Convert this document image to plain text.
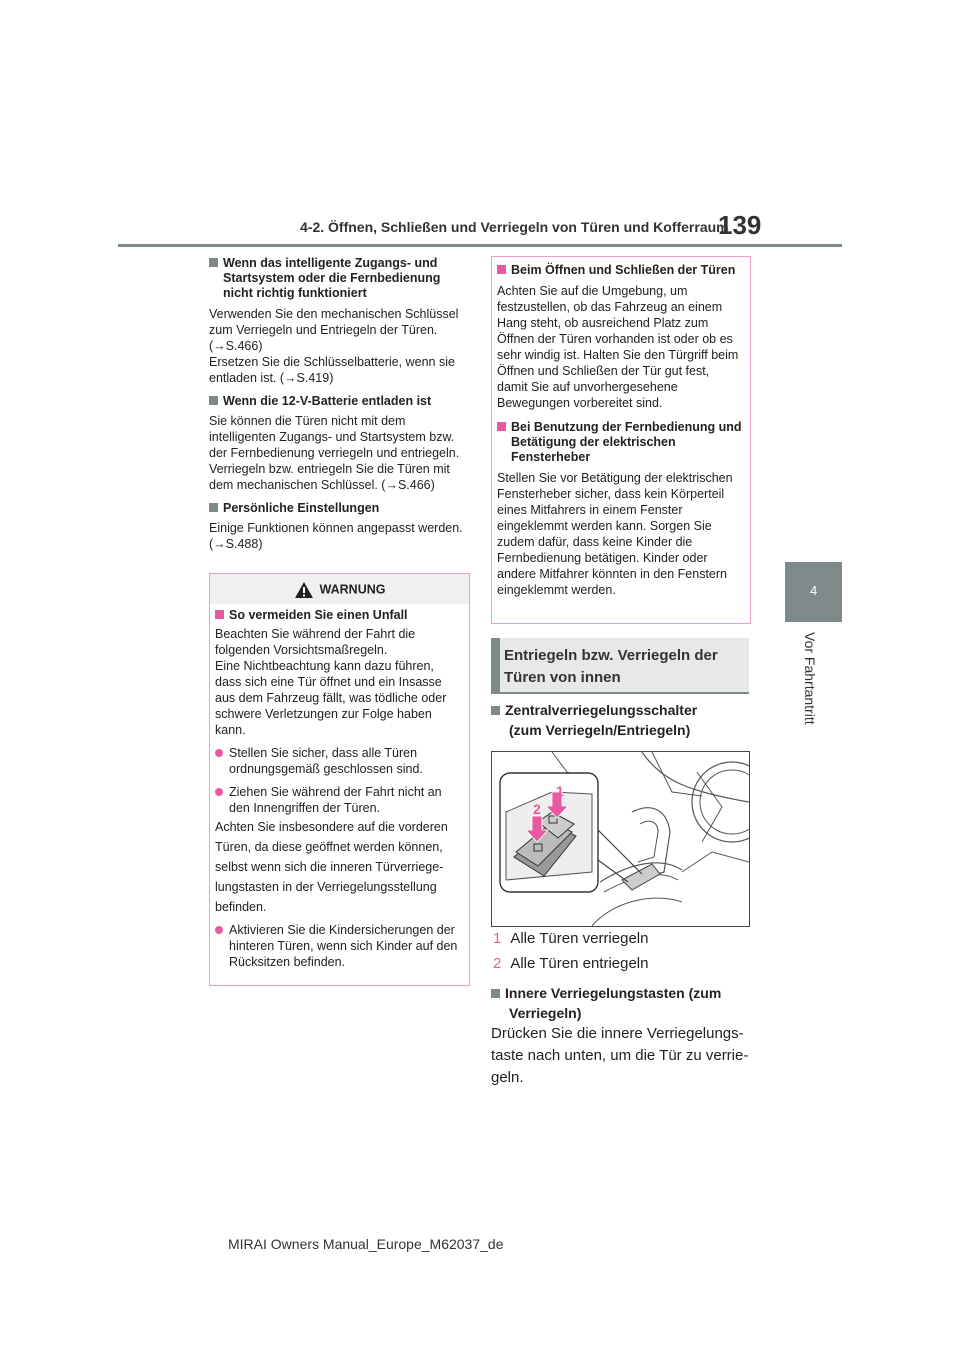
4-2. Öffnen, Schließen und Verriegeln von Türen und Kofferraum
139
4
Vor Fahrtantritt
Wenn das intelligente Zugangs- und Startsystem oder die Fernbedienung nicht richtig funktioniert
Verwenden Sie den mechanischen Schlüssel zum Verriegeln und Entriegeln der Türen. (→S.466)
Ersetzen Sie die Schlüsselbatterie, wenn sie entladen ist. (→S.419)
Wenn die 12-V-Batterie entladen ist
Sie können die Türen nicht mit dem intelligenten Zugangs- und Startsystem bzw. der Fernbedienung verriegeln und entriegeln. Verriegeln bzw. entriegeln Sie die Türen mit dem mechanischen Schlüssel. (→S.466)
Persönliche Einstellungen
Einige Funktionen können angepasst werden. (→S.488)
WARNUNG
So vermeiden Sie einen Unfall
Beachten Sie während der Fahrt die folgenden Vorsichtsmaßregeln.
Eine Nichtbeachtung kann dazu führen, dass sich eine Tür öffnet und ein Insasse aus dem Fahrzeug fällt, was tödliche oder schwere Verletzungen zur Folge haben kann.
Stellen Sie sicher, dass alle Türen ordnungsgemäß geschlossen sind.
Ziehen Sie während der Fahrt nicht an den Innengriffen der Türen.
Achten Sie insbesondere auf die vorderen
Türen, da diese geöffnet werden können,
selbst wenn sich die inneren Türverriege-
lungstasten in der Verriegelungsstellung
befinden.
Aktivieren Sie die Kindersicherungen der hinteren Türen, wenn sich Kinder auf den Rücksitzen befinden.
Beim Öffnen und Schließen der Türen
Achten Sie auf die Umgebung, um festzustellen, ob das Fahrzeug an einem Hang steht, ob ausreichend Platz zum Öffnen der Türen vorhanden ist oder ob es sehr windig ist. Halten Sie den Türgriff beim Öffnen und Schließen der Tür gut fest, damit Sie auf unvorhergesehene Bewegungen vorbereitet sind.
Bei Benutzung der Fernbedienung und Betätigung der elektrischen Fensterheber
Stellen Sie vor Betätigung der elektrischen Fensterheber sicher, dass kein Körperteil eines Mitfahrers in einem Fenster eingeklemmt werden kann. Sorgen Sie zudem dafür, dass keine Kinder die Fernbedienung betätigen. Kinder oder andere Mitfahrer könnten in den Fenstern eingeklemmt werden.
Entriegeln bzw. Verriegeln der
Türen von innen
Zentralverriegelungsschalter
(zum Verriegeln/Entriegeln)
1
2
1 Alle Türen verriegeln
2 Alle Türen entriegeln
Innere Verriegelungstasten (zum
Verriegeln)
Drücken Sie die innere Verriegelungs-
taste nach unten, um die Tür zu verrie-
geln.
MIRAI Owners Manual_Europe_M62037_de
